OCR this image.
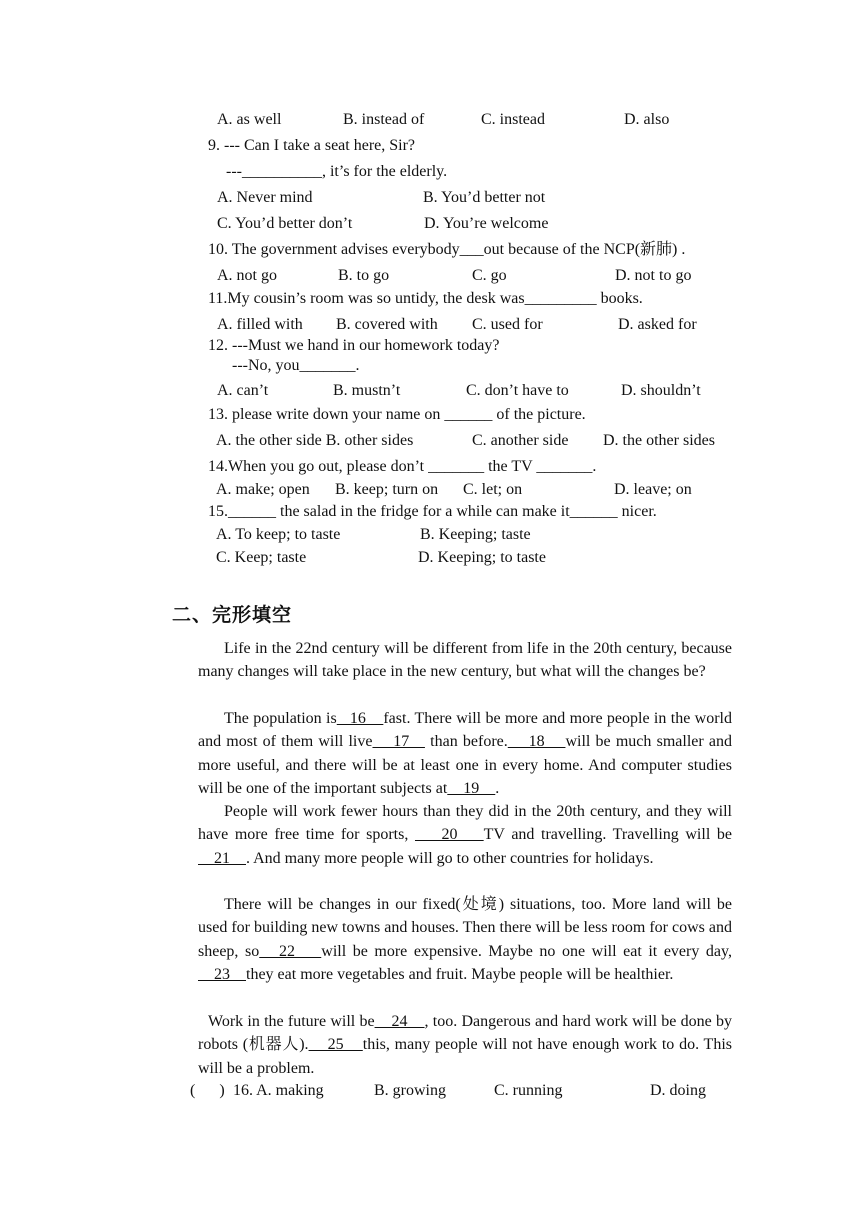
A. as well	B. instead of	C. instead	D. also
9. --- Can I take a seat here, Sir?
---__________, it’s for the elderly.
A. Never mind	B. You’d better not
C. You’d better don’t	D. You’re welcome
10. The government advises everybody___out because of the NCP(新肺) .
A. not go	B. to go	C. go	D. not to go
11.My cousin’s room was so untidy, the desk was_________ books.
A. filled with B. covered with C. used for	D. asked for
12. ---Must we hand in our homework today?
---No, you_______.
A. can’t	B. mustn’t	C. don’t have to	D. shouldn’t
13. please write down your name on ______ of the picture.
A. the other side B. other sides	C. another side D. the other sides
14.When you go out, please don’t _______ the TV _______.
A. make; open B. keep; turn on C. let; on	D. leave; on
15.______ the salad in the fridge for a while can make it______ nicer.
A. To keep; to taste	B. Keeping; taste
C. Keep; taste	D. Keeping; to taste
二、完形填空
Life in the 22nd century will be different from life in the 20th century, because many changes will take place in the new century, but what will the changes be?
The population is   16    fast. There will be more and more people in the world and most of them will live    17    than before.    18    will be much smaller and more useful, and there will be at least one in every home. And computer studies will be one of the important subjects at    19    .
People will work fewer hours than they did in the 20th century, and they will have more free time for sports,     20    TV and travelling. Travelling will be    21    . And many more people will go to other countries for holidays.
There will be changes in our fixed(处境) situations, too. More land will be used for building new towns and houses. Then there will be less room for cows and sheep, so   22    will be more expensive. Maybe no one will eat it every day,     23    they eat more vegetables and fruit. Maybe people will be healthier.
Work in the future will be    24    , too. Dangerous and hard work will be done by robots (机器人).    25    this, many people will not have enough work to do. This will be a problem.
(      ) 16. A. making	B. growing	C. running	D. doing
